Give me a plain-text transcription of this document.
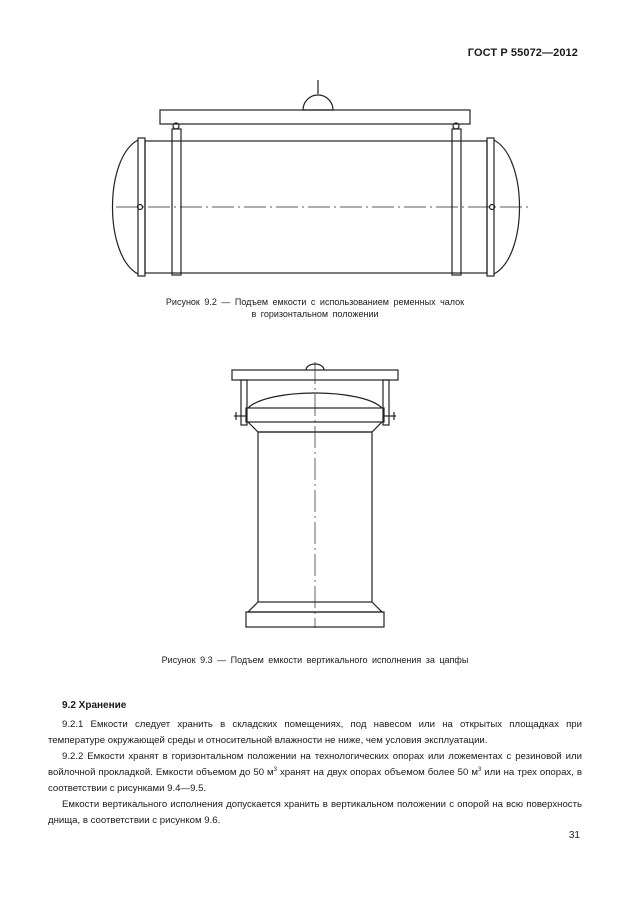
ГОСТ Р 55072—2012
Рисунок 9.2 — Подъем емкости с использованием ременных чалок
в горизонтальном положении
Рисунок 9.3 — Подъем емкости вертикального исполнения за цапфы
9.2 Хранение

9.2.1 Емкости следует хранить в складских помещениях, под навесом или на открытых площадках при температуре окружающей среды и относительной влажности не ниже, чем условия эксплуатации.

9.2.2 Емкости хранят в горизонтальном положении на технологических опорах или ложементах с резиновой или войлочной прокладкой. Емкости объемом до 50 $м^3$ хранят на двух опорах объемом более 50 $м^3$ или на трех опорах, в соответствии с рисунками 9.4—9.5.

Емкости вертикального исполнения допускается хранить в вертикальном положении с опорой на всю поверхность днища, в соответствии с рисунком 9.6.

31
